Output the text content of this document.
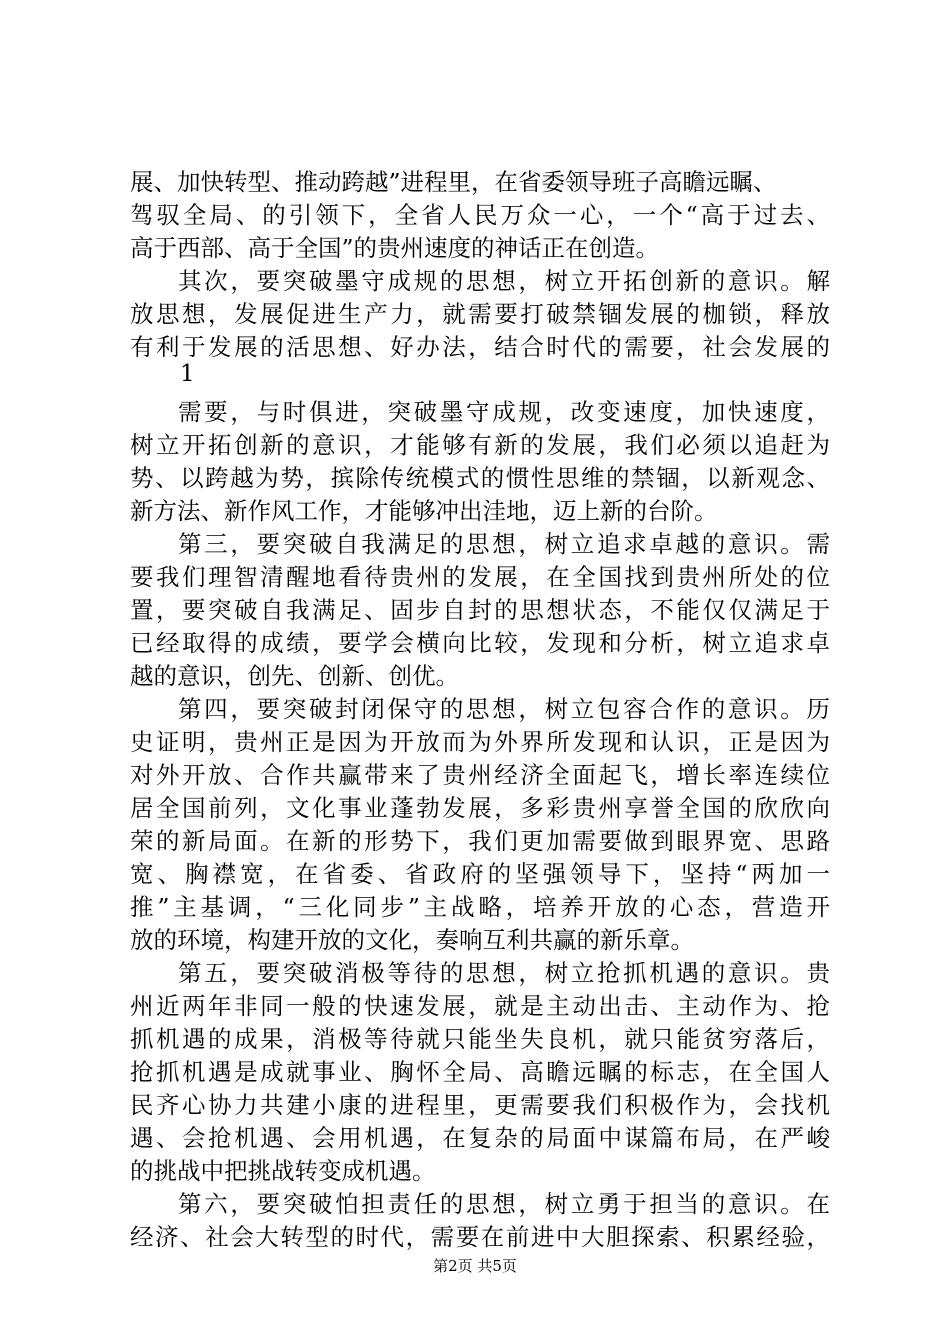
展、加快转型、推动跨越”进程里，在省委领导班子高瞻远瞩、
驾驭全局、的引领下，全省人民万众一心，一个“高于过去、
高于西部、高于全国”的贵州速度的神话正在创造。
其次，要突破墨守成规的思想，树立开拓创新的意识。解
放思想，发展促进生产力，就需要打破禁锢发展的枷锁，释放
有利于发展的活思想、好办法，结合时代的需要，社会发展的
1
需要，与时俱进，突破墨守成规，改变速度，加快速度，
树立开拓创新的意识，才能够有新的发展，我们必须以追赶为
势、以跨越为势，摈除传统模式的惯性思维的禁锢，以新观念、
新方法、新作风工作，才能够冲出洼地，迈上新的台阶。
第三，要突破自我满足的思想，树立追求卓越的意识。需
要我们理智清醒地看待贵州的发展，在全国找到贵州所处的位
置，要突破自我满足、固步自封的思想状态，不能仅仅满足于
已经取得的成绩，要学会横向比较，发现和分析，树立追求卓
越的意识，创先、创新、创优。
第四，要突破封闭保守的思想，树立包容合作的意识。历
史证明，贵州正是因为开放而为外界所发现和认识，正是因为
对外开放、合作共赢带来了贵州经济全面起飞，增长率连续位
居全国前列，文化事业蓬勃发展，多彩贵州享誉全国的欣欣向
荣的新局面。在新的形势下，我们更加需要做到眼界宽、思路
宽、胸襟宽，在省委、省政府的坚强领导下，坚持“两加一
推”主基调，“三化同步”主战略，培养开放的心态，营造开
放的环境，构建开放的文化，奏响互利共赢的新乐章。
第五，要突破消极等待的思想，树立抢抓机遇的意识。贵
州近两年非同一般的快速发展，就是主动出击、主动作为、抢
抓机遇的成果，消极等待就只能坐失良机，就只能贫穷落后，
抢抓机遇是成就事业、胸怀全局、高瞻远瞩的标志，在全国人
民齐心协力共建小康的进程里，更需要我们积极作为，会找机
遇、会抢机遇、会用机遇，在复杂的局面中谋篇布局，在严峻
的挑战中把挑战转变成机遇。
第六，要突破怕担责任的思想，树立勇于担当的意识。在
经济、社会大转型的时代，需要在前进中大胆探索、积累经验，
第2页 共5页
